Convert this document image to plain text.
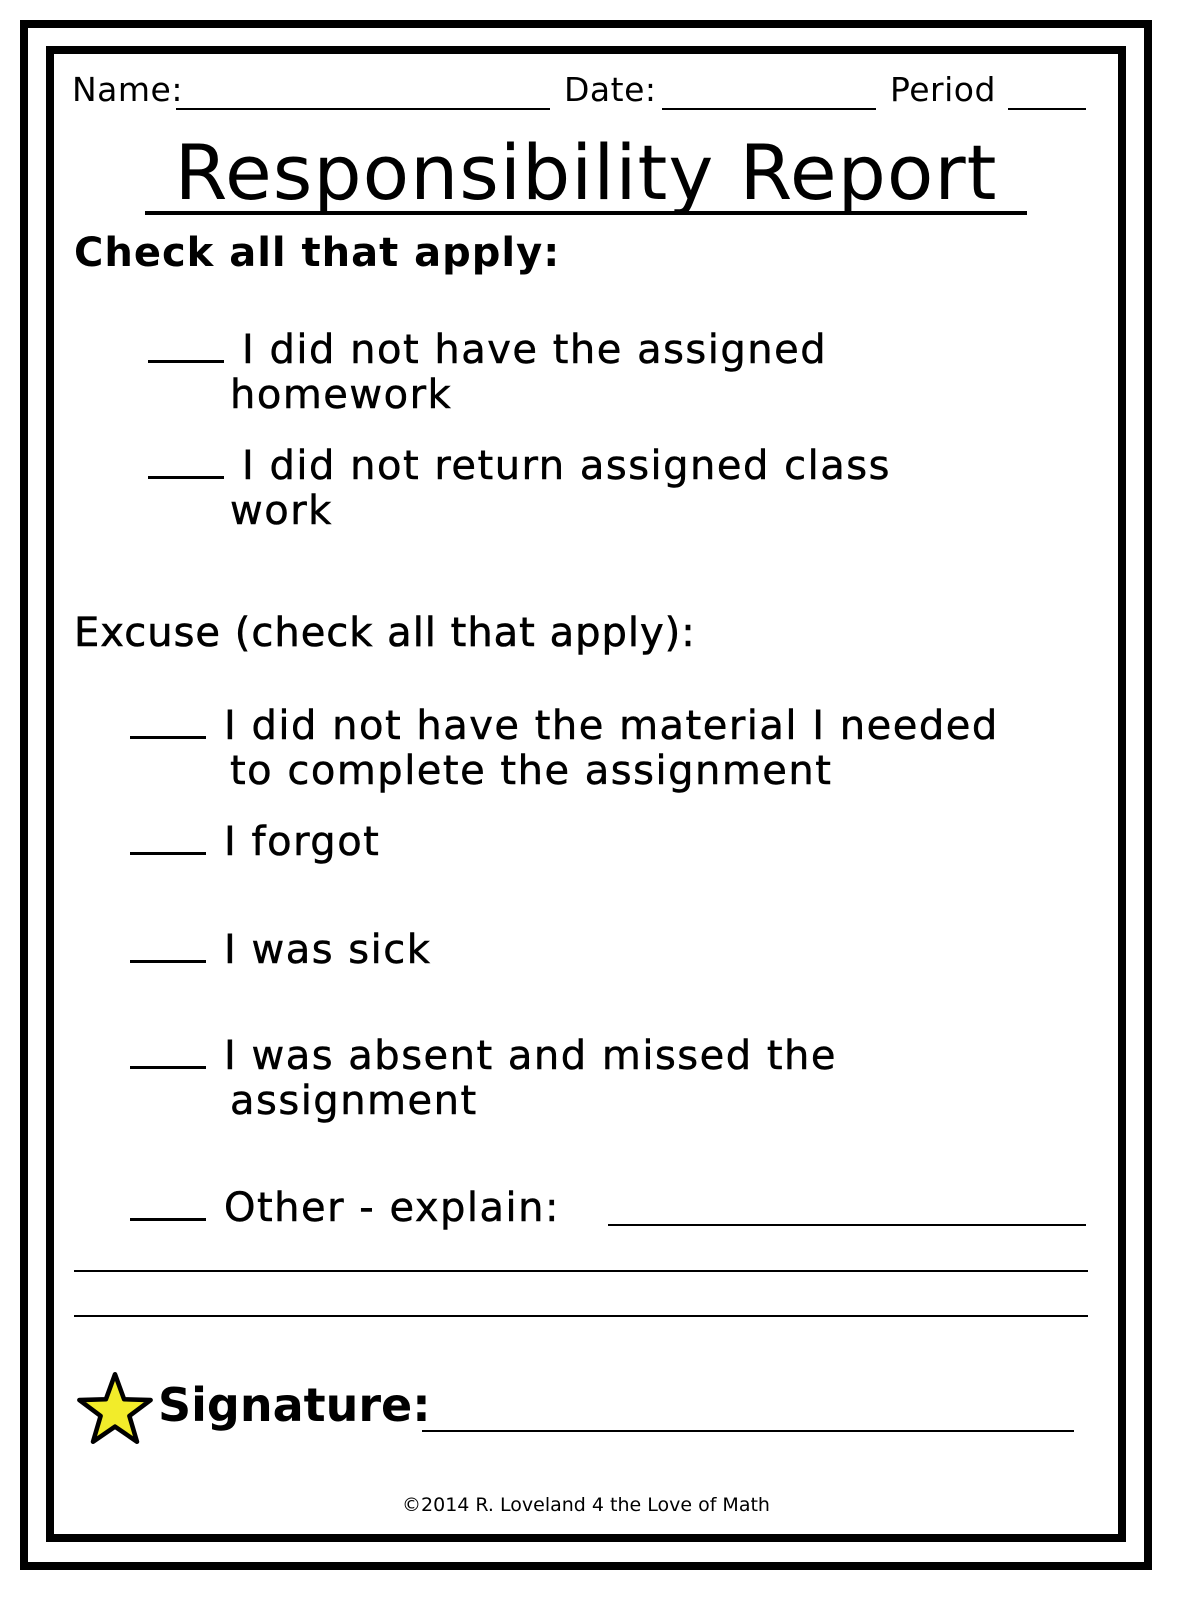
Name:	Date:	Period
Responsibility Report
Check all that apply:
I did not have the assigned
homework
I did not return assigned class
work
Excuse (check all that apply):
I did not have the material I needed
to complete the assignment
I forgot
I was sick
I was absent and missed the
assignment
Other - explain:
Signature:
©2014 R. Loveland 4 the Love of Math
